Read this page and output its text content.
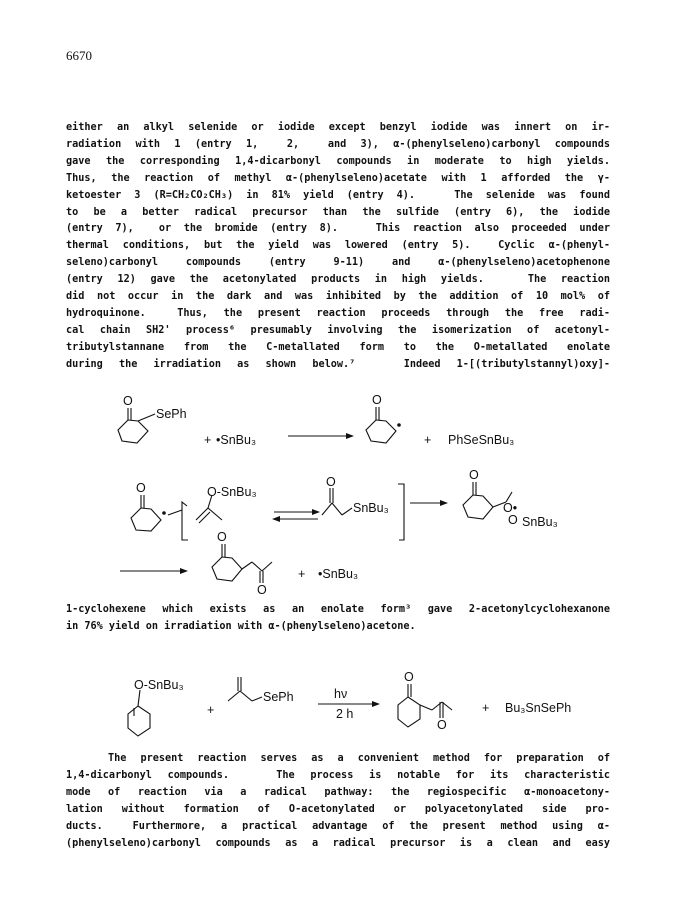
6670
either an alkyl selenide or iodide except benzyl iodide was innert on ir-
radiation with 1 (entry 1,  2,  and 3), α-(phenylseleno)carbonyl compounds
gave the corresponding 1,4-dicarbonyl compounds in moderate to high yields.
Thus, the reaction of methyl α-(phenylseleno)acetate with 1 afforded the γ-
ketoester 3 (R=CH₂CO₂CH₃) in 81% yield (entry 4).   The selenide was found
to be a better radical precursor than the sulfide (entry 6), the iodide
(entry 7),  or the bromide (entry 8).   This reaction also proceeded under
thermal conditions, but the yield was lowered (entry 5).  Cyclic α-(phenyl-
seleno)carbonyl compounds (entry 9-11) and α-(phenylseleno)acetophenone
(entry 12) gave the acetonylated products in high yields.   The reaction
did not occur in the dark and was inhibited by the addition of 10 mol% of
hydroquinone.  Thus, the present reaction proceeds through the free radi-
cal chain SH2' process⁶ presumably involving the isomerization of acetonyl-
tributylstannane from the C-metallated form to the O-metallated enolate
during the irradiation as shown below.⁷   Indeed 1-[(tributylstannyl)oxy]-
O
SePh
+ •SnBu₃
O
+ PhSeSnBu₃
O	O-SnBu₃
O
SnBu₃
O
O•
SnBu₃
O
O
O
+ •SnBu₃
1-cyclohexene which exists as an enolate form³ gave 2-acetonylcyclohexanone
in 76% yield on irradiation with α-(phenylseleno)acetone.
O-SnBu₃
+
SePh	hν
2 h
O
O
+ Bu₃SnSePh
The present reaction serves as a convenient method for preparation of
1,4-dicarbonyl compounds.   The process is notable for its characteristic
mode of reaction via a radical pathway: the regiospecific α-monoacetony-
lation without formation of O-acetonylated or polyacetonylated side pro-
ducts.  Furthermore, a practical advantage of the present method using α-
(phenylseleno)carbonyl compounds as a radical precursor is a clean and easy
